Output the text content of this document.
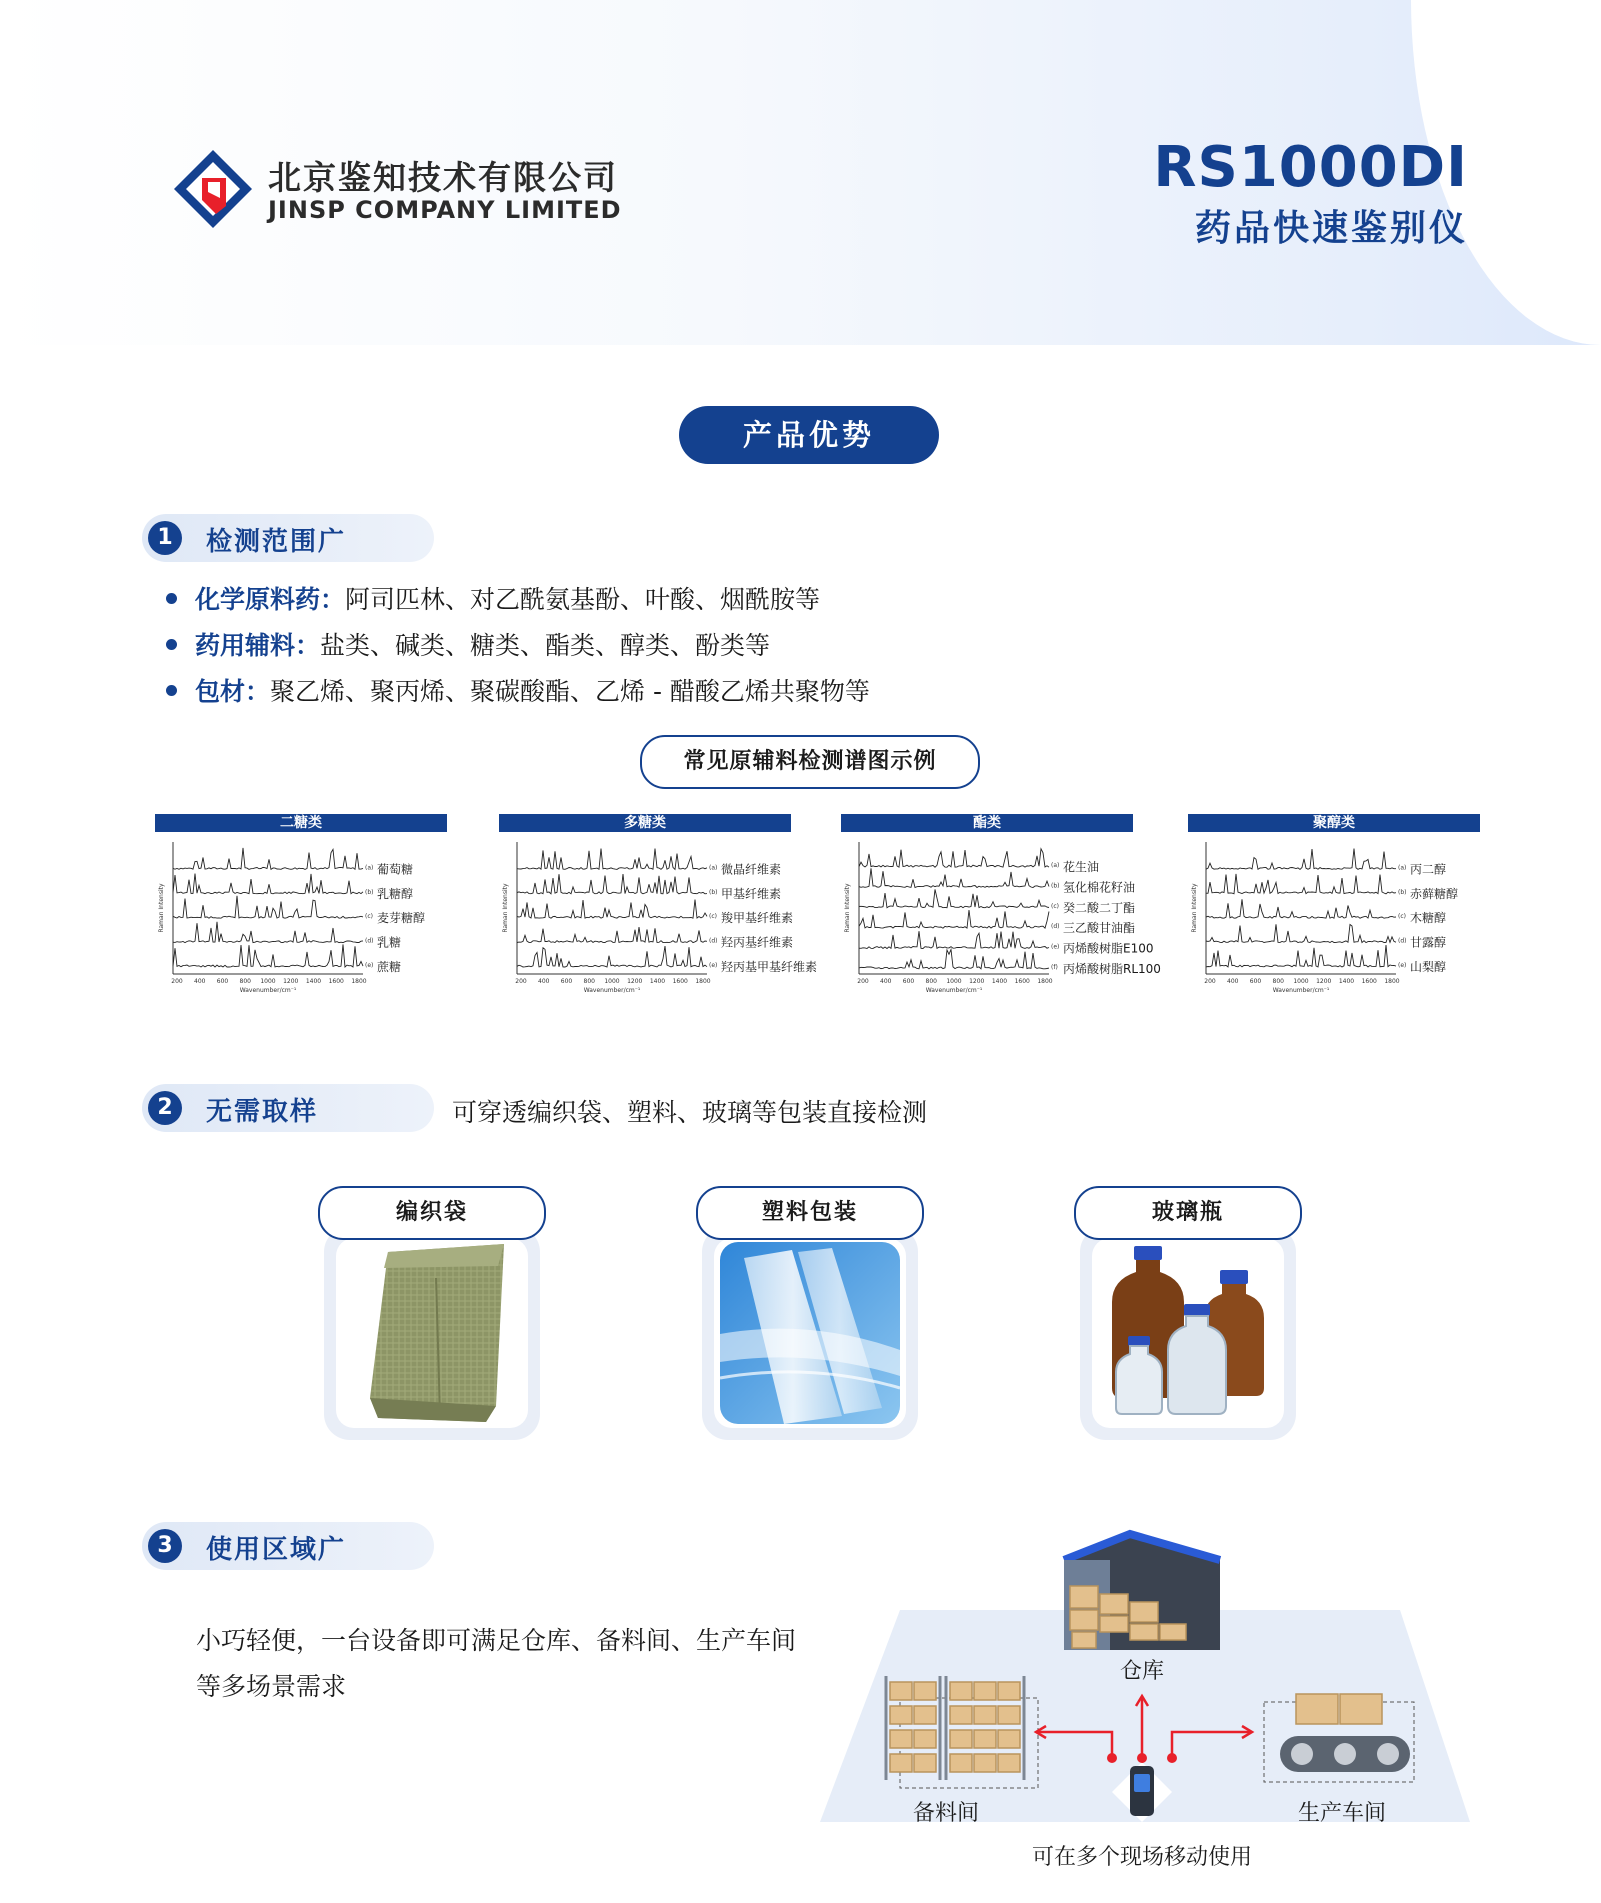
北京鉴知技术有限公司
JINSP COMPANY LIMITED
RS1000DI
药品快速鉴别仪
产品优势
1	检测范围广
化学原料药：阿司匹林、对乙酰氨基酚、叶酸、烟酰胺等
药用辅料：盐类、碱类、糖类、酯类、醇类、酚类等
包材：聚乙烯、聚丙烯、聚碳酸酯、乙烯 - 醋酸乙烯共聚物等
常见原辅料检测谱图示例
二糖类
(a) 葡萄糖
(b) 乳糖醇
(c) 麦芽糖醇
(d) 乳糖
(e) 蔗糖
200 400 600 800 1000 1200 1400 1600 1800
Wavenumber/cm⁻¹
Raman Intensity
多糖类
(a) 微晶纤维素
(b) 甲基纤维素
(c) 羧甲基纤维素
(d) 羟丙基纤维素
(e) 羟丙基甲基纤维素
200 400 600 800 1000 1200 1400 1600 1800
Wavenumber/cm⁻¹
Raman Intensity
酯类
(a) 花生油
(b) 氢化棉花籽油
(c) 癸二酸二丁酯
(d) 三乙酸甘油酯
(e) 丙烯酸树脂E100
(f) 丙烯酸树脂RL100
200 400 600 800 1000 1200 1400 1600 1800
Wavenumber/cm⁻¹
Raman Intensity
聚醇类
(a) 丙二醇
(b) 赤藓糖醇
(c) 木糖醇
(d) 甘露醇
(e) 山梨醇
200 400 600 800 1000 1200 1400 1600 1800
Wavenumber/cm⁻¹
Raman Intensity
2	无需取样	可穿透编织袋、塑料、玻璃等包装直接检测
编织袋	塑料包装	玻璃瓶
3	使用区域广
小巧轻便，一台设备即可满足仓库、备料间、生产车间等多场景需求
仓库
备料间	生产车间
可在多个现场移动使用
